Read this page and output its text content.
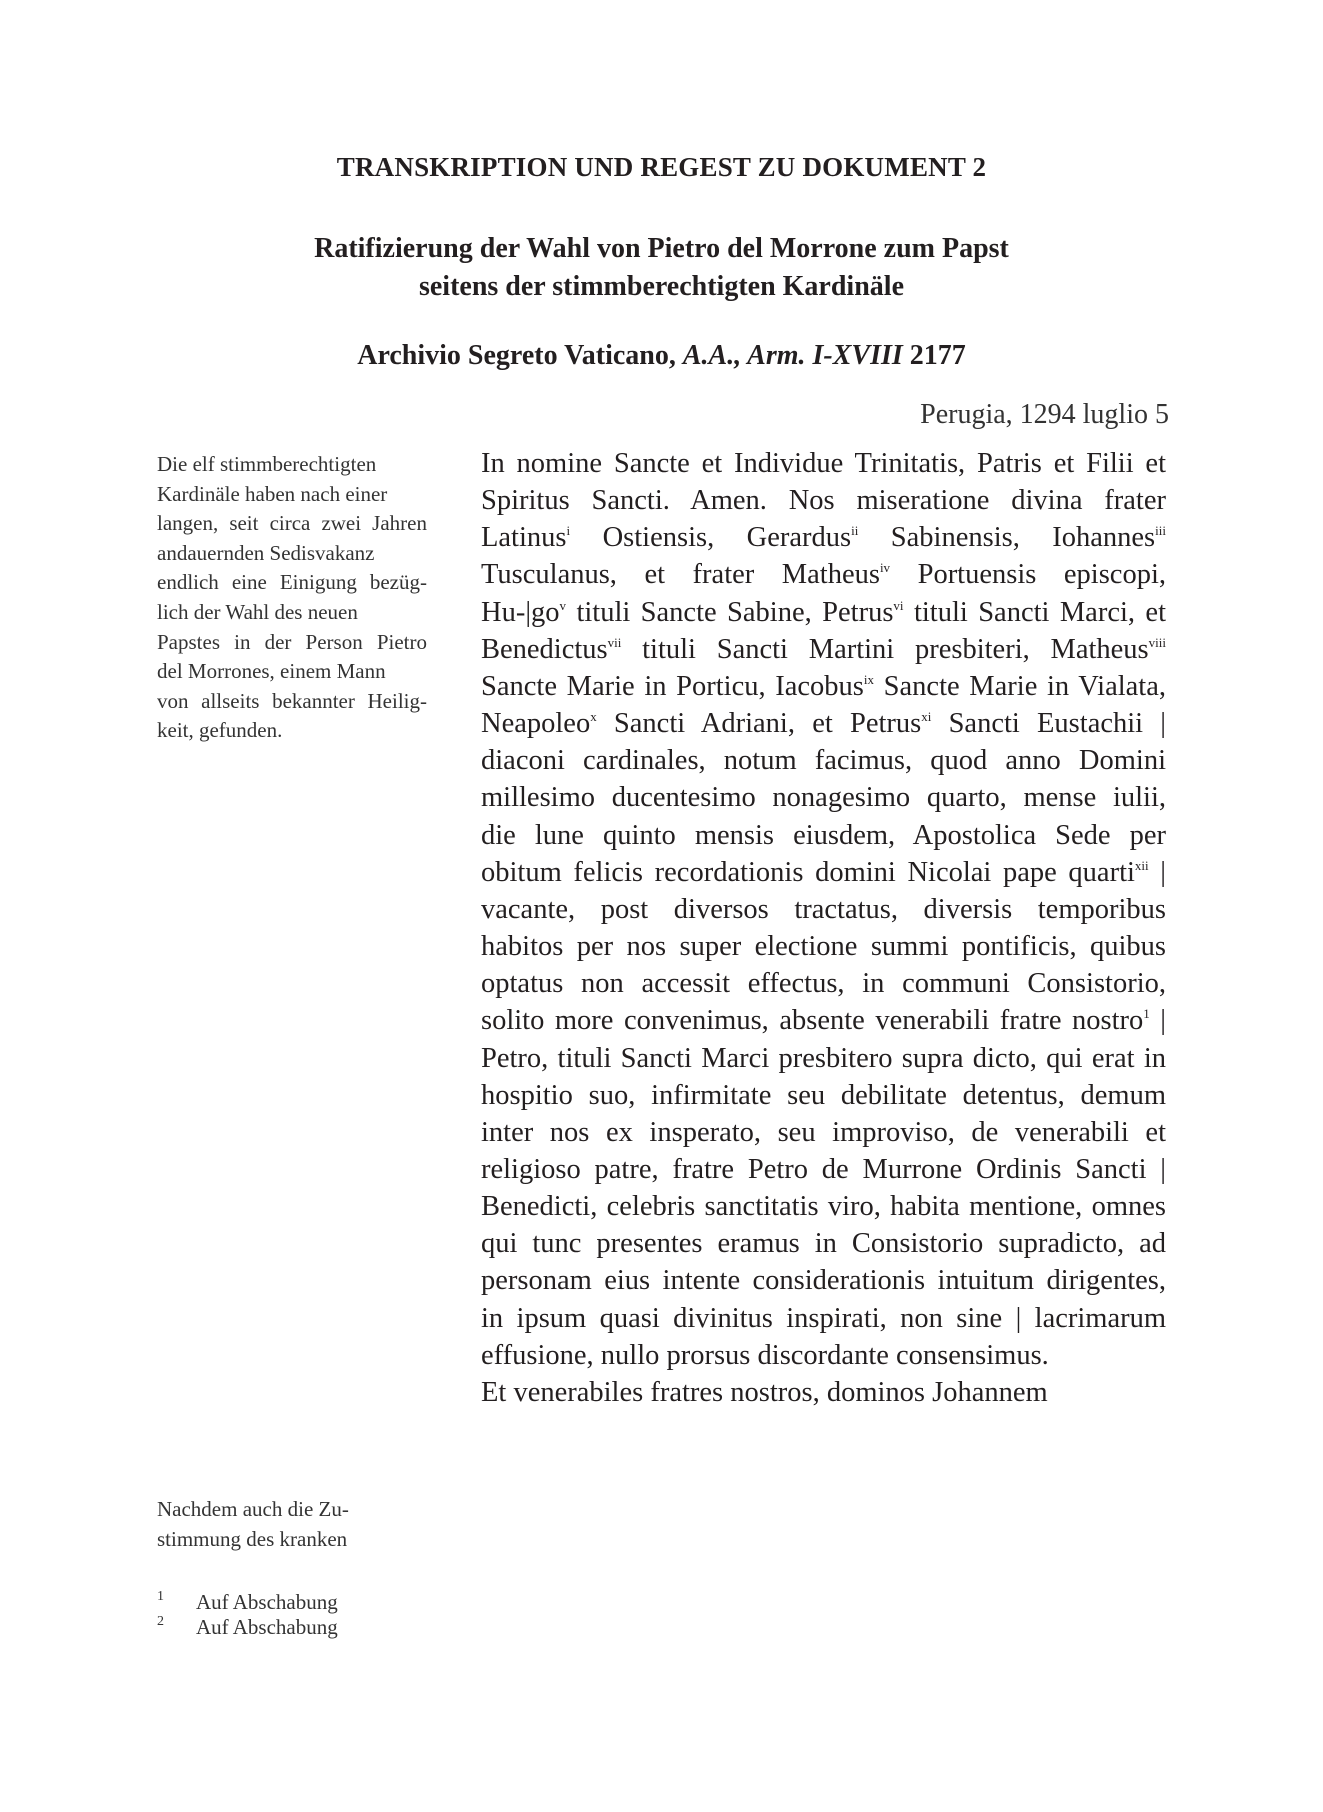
TRANSKRIPTION UND REGEST ZU DOKUMENT 2
Ratifizierung der Wahl von Pietro del Morrone zum Papst
seitens der stimmberechtigten Kardinäle
Archivio Segreto Vaticano, A.A., Arm. I-XVIII 2177
Perugia, 1294 luglio 5
Die elf stimmberechtigten
Kardinäle haben nach einer
langen, seit circa zwei Jahren
andauernden Sedisvakanz
endlich eine Einigung bezüg-
lich der Wahl des neuen
Papstes in der Person Pietro
del Morrones, einem Mann
von allseits bekannter Heilig-
keit, gefunden.
Nachdem auch die Zu-
stimmung des kranken
In nomine Sancte et Individue Trinitatis, Patris et Filii et
Spiritus Sancti. Amen. Nos miseratione divina frater
Latinus$^i$ Ostiensis, Gerardus$^{ii}$ Sabinensis, Iohannes$^{iii}$
Tusculanus, et frater Matheus$^{iv}$ Portuensis episcopi,
$Hu-|go^v$ tituli Sancte Sabine, Petrus$^{vi}$ tituli Sancti Marci, et
Benedictus$^{vii}$ tituli Sancti Martini presbiteri, Matheus$^{viii}$
Sancte Marie in Porticu, Iacobus$^{ix}$ Sancte Marie in Vialata,
Neapoleo$^x$ Sancti Adriani, et Petrus$^{xi}$ Sancti Eustachii |
diaconi cardinales, notum facimus, quod anno Domini
millesimo ducentesimo nonagesimo quarto, mense iulii,
die lune quinto mensis eiusdem, Apostolica Sede per
obitum felicis recordationis domini Nicolai pape quarti$^{xii}$ |
vacante, post diversos tractatus, diversis temporibus
habitos per nos super electione summi pontificis, quibus
optatus non accessit effectus, in communi Consistorio,
solito more convenimus, absente venerabili fratre nostro$^1$ |
Petro, tituli Sancti Marci presbitero supra dicto, qui erat in
hospitio suo, infirmitate seu debilitate detentus, demum
inter nos ex insperato, seu improviso, de venerabili et
religioso patre, fratre Petro de Murrone Ordinis Sancti |
Benedicti, celebris sanctitatis viro, habita mentione, omnes
qui tunc presentes eramus in Consistorio supradicto, ad
personam eius intente considerationis intuitum dirigentes,
in ipsum quasi divinitus inspirati, non sine | lacrimarum
effusione, nullo prorsus discordante consensimus.
Et venerabiles fratres nostros, dominos Johannem
1 Auf Abschabung
2 Auf Abschabung
